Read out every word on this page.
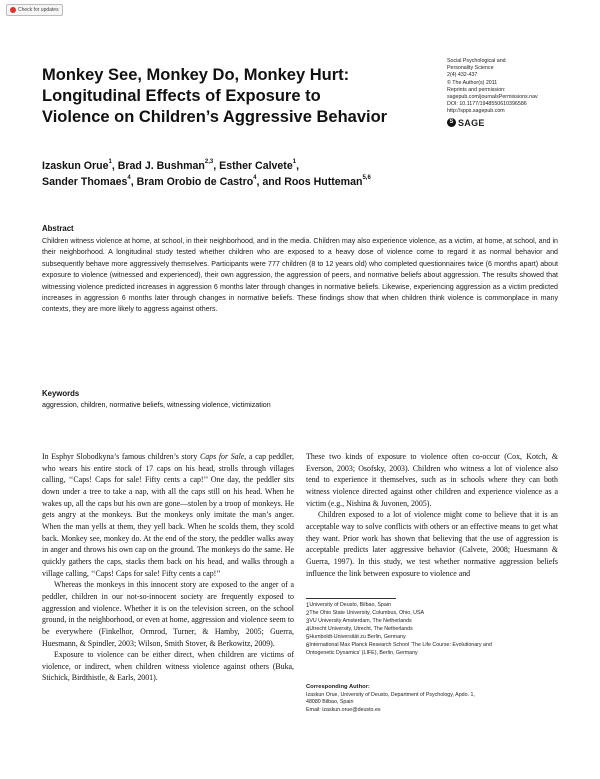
Check for updates
Monkey See, Monkey Do, Monkey Hurt:
Longitudinal Effects of Exposure to
Violence on Children’s Aggressive Behavior
Social Psychological and
Personality Science
2(4) 432-437
© The Author(s) 2011
Reprints and permission:
sagepub.com/journalsPermissions.nav
DOI: 10.1177/1948550610396586
http://spps.sagepub.com
S SAGE
Izaskun Orue$^1$, Brad J. Bushman$^{2,3}$, Esther Calvete$^1$,
Sander Thomaes$^4$, Bram Orobio de Castro$^4$, and Roos Hutteman$^{5,6}$
Abstract
Children witness violence at home, at school, in their neighborhood, and in the media. Children may also experience violence, as a victim, at home, at school, and in their neighborhood. A longitudinal study tested whether children who are exposed to a heavy dose of violence come to regard it as normal behavior and subsequently behave more aggressively themselves. Participants were 777 children (8 to 12 years old) who completed questionnaires twice (6 months apart) about exposure to violence (witnessed and experienced), their own aggression, the aggression of peers, and normative beliefs about aggression. The results showed that witnessing violence predicted increases in aggression 6 months later through changes in normative beliefs. Likewise, experiencing aggression as a victim predicted increases in aggression 6 months later through changes in normative beliefs. These findings show that when children think violence is commonplace in many contexts, they are more likely to aggress against others.
Keywords
aggression, children, normative beliefs, witnessing violence, victimization

In Esphyr Slobodkyna’s famous children’s story Caps for Sale, a cap peddler, who wears his entire stock of 17 caps on his head, strolls through villages calling, ‘‘Caps! Caps for sale! Fifty cents a cap!’’ One day, the peddler sits down under a tree to take a nap, with all the caps still on his head. When he wakes up, all the caps but his own are gone—stolen by a troop of monkeys. He gets angry at the monkeys. But the monkeys only imitate the man’s anger. When the man yells at them, they yell back. When he scolds them, they scold back. Monkey see, monkey do. At the end of the story, the peddler walks away in anger and throws his own cap on the ground. The monkeys do the same. He quickly gathers the caps, stacks them back on his head, and walks through a village calling, ‘‘Caps! Caps for sale! Fifty cents a cap!’’

Whereas the monkeys in this innocent story are exposed to the anger of a peddler, children in our not-so-innocent society are frequently exposed to aggression and violence. Whether it is on the television screen, on the school ground, in the neighborhood, or even at home, aggression and violence seem to be everywhere (Finkelhor, Ormrod, Turner, & Hamby, 2005; Guerra, Huesmann, & Spindler, 2003; Wilson, Smith Stover, & Berkowitz, 2009).

Exposure to violence can be either direct, when children are victims of violence, or indirect, when children witness violence against others (Buka, Stichick, Birdthistle, & Earls, 2001).

These two kinds of exposure to violence often co-occur (Cox, Kotch, & Everson, 2003; Osofsky, 2003). Children who witness a lot of violence also tend to experience it themselves, such as in schools where they can both witness violence directed against other children and experience violence as a victim (e.g., Nishina & Juvonen, 2005).

Children exposed to a lot of violence might come to believe that it is an acceptable way to solve conflicts with others or an effective means to get what they want. Prior work has shown that believing that the use of aggression is acceptable predicts later aggressive behavior (Calvete, 2008; Huesmann & Guerra, 1997). In this study, we test whether normative aggression beliefs influence the link between exposure to violence and

$^1$University of Deusto, Bilbao, Spain
$^2$The Ohio State University, Columbus, Ohio, USA
$^3$VU University Amsterdam, The Netherlands
$^4$Utrecht University, Utrecht, The Netherlands
$^5$Humboldt-Universität zu Berlin, Germany
$^6$International Max Planck Research School ‘The Life Course: Evolutionary and
Ontogenetic Dynamics’ (LIFE), Berlin, Germany
Corresponding Author:
Izaskun Orue, University of Deusto, Department of Psychology, Apdo. 1,
48080 Bilbao, Spain
Email: izaskun.orue@deusto.es
